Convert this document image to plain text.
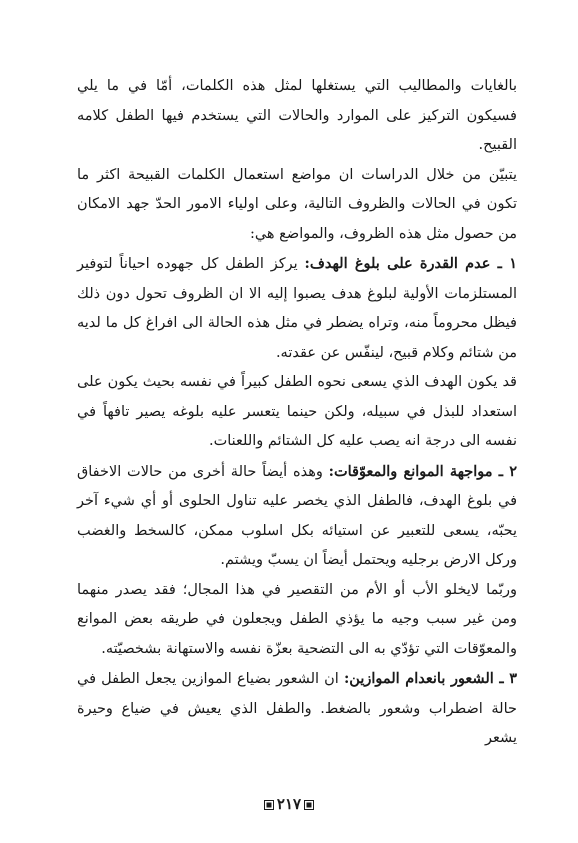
بالغايات والمطاليب التي يستغلها لمثل هذه الكلمات، أمّا في ما يلي فسيكون التركيز على الموارد والحالات التي يستخدم فيها الطفل كلامه القبيح.

يتبيّن من خلال الدراسات ان مواضع استعمال الكلمات القبيحة اكثر ما تكون في الحالات والظروف التالية، وعلى اولياء الامور الحدّ جهد الامكان من حصول مثل هذه الظروف، والمواضع هي:

١ ـ عدم القدرة على بلوغ الهدف: يركز الطفل كل جهوده احياناً لتوفير المستلزمات الأولية لبلوغ هدف يصبوا إليه الا ان الظروف تحول دون ذلك فيظل محروماً منه، وتراه يضطر في مثل هذه الحالة الى افراغ كل ما لديه من شتائم وكلام قبيح، لينفّس عن عقدته.

قد يكون الهدف الذي يسعى نحوه الطفل كبيراً في نفسه بحيث يكون على استعداد للبذل في سبيله، ولكن حينما يتعسر عليه بلوغه يصير تافهاً في نفسه الى درجة انه يصب عليه كل الشتائم واللعنات.

٢ ـ مواجهة الموانع والمعوّقات: وهذه أيضاً حالة أخرى من حالات الاخفاق في بلوغ الهدف، فالطفل الذي يخصر عليه تناول الحلوى أو أي شيء آخر يحبّه، يسعى للتعبير عن استيائه بكل اسلوب ممكن، كالسخط والغضب وركل الارض برجليه ويحتمل أيضاً ان يسبّ ويشتم.

وربّما لايخلو الأب أو الأم من التقصير في هذا المجال؛ فقد يصدر منهما ومن غير سبب وجيه ما يؤذي الطفل ويجعلون في طريقه بعض الموانع والمعوّقات التي تؤدّي به الى التضحية بعزّة نفسه والاستهانة بشخصيّته.

٣ ـ الشعور بانعدام الموازين: ان الشعور بضياع الموازين يجعل الطفل في حالة اضطراب وشعور بالضغط. والطفل الذي يعيش في ضياع وحيرة يشعر

٢١٧
